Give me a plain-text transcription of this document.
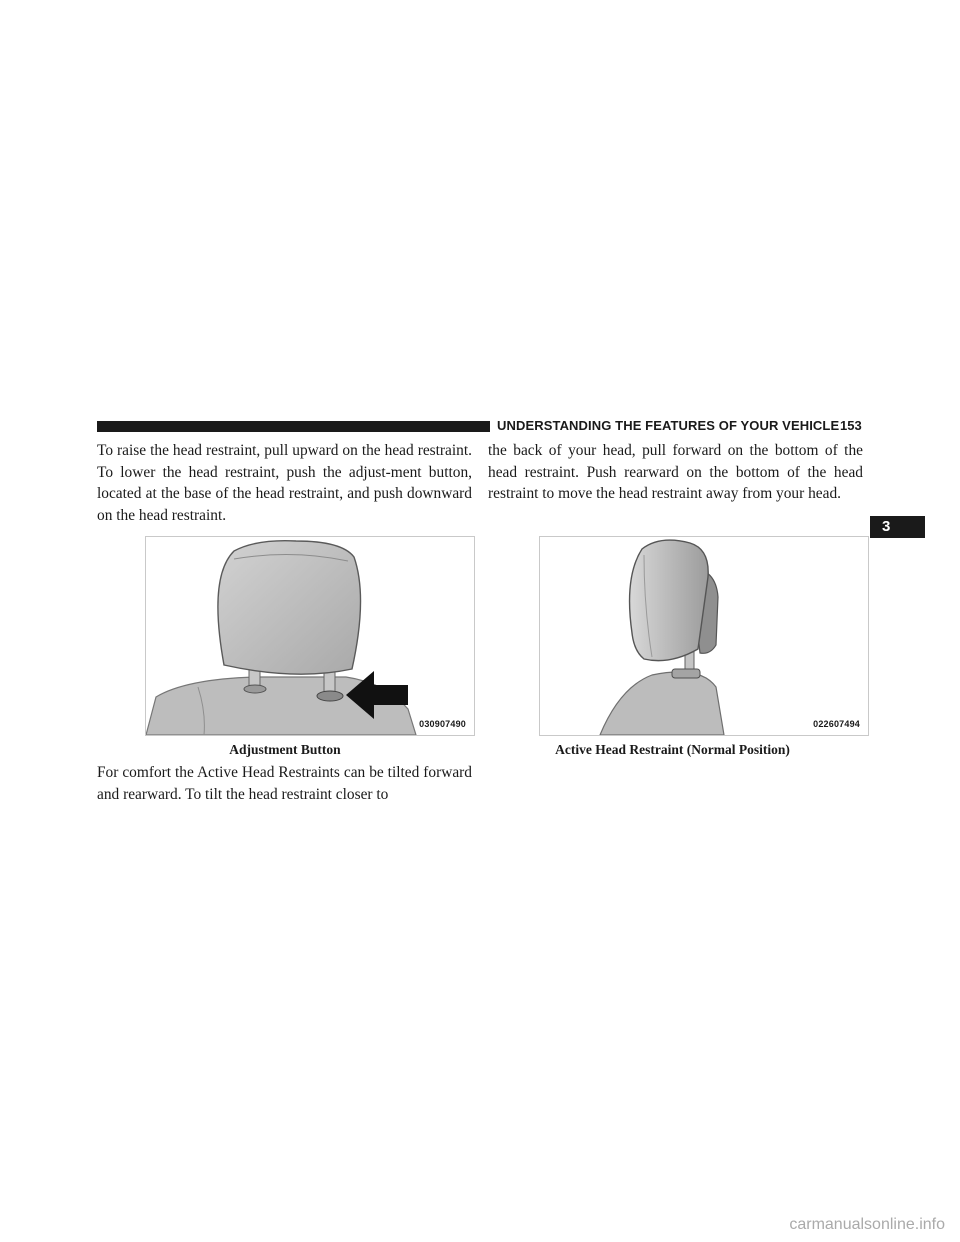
UNDERSTANDING THE FEATURES OF YOUR VEHICLE 153
3

To raise the head restraint, pull upward on the head restraint. To lower the head restraint, push the adjust-ment button, located at the base of the head restraint, and push downward on the head restraint.

030907490
Adjustment Button

For comfort the Active Head Restraints can be tilted forward and rearward. To tilt the head restraint closer to

the back of your head, pull forward on the bottom of the head restraint. Push rearward on the bottom of the head restraint to move the head restraint away from your head.

022607494
Active Head Restraint (Normal Position)
carmanualsonline.info
